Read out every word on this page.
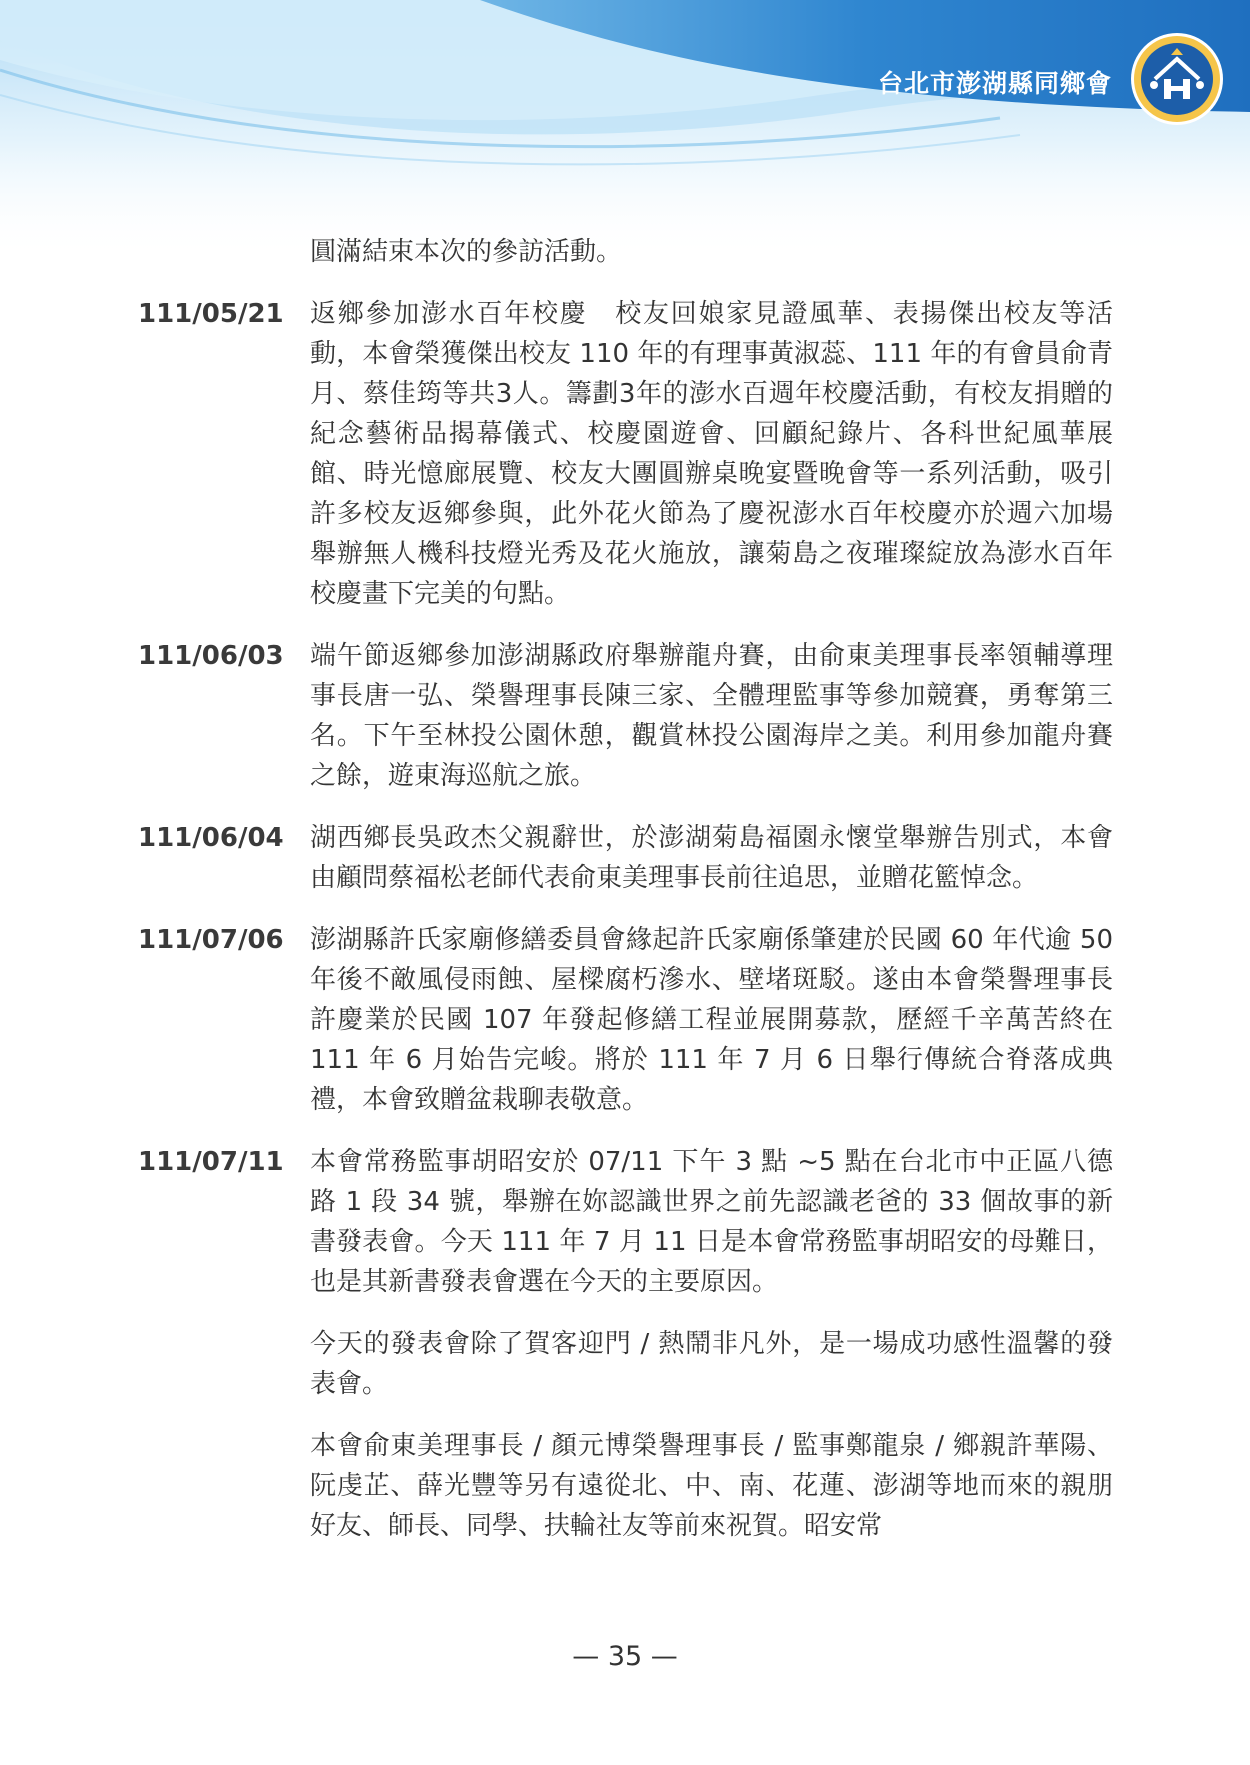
台北市澎湖縣同鄉會

圓滿結束本次的參訪活動。

111/05/21	返鄉參加澎水百年校慶　校友回娘家見證風華、表揚傑出校友等活動，本會榮獲傑出校友 110 年的有理事黃淑蕊、111 年的有會員俞青月、蔡佳筠等共3人。籌劃3年的澎水百週年校慶活動，有校友捐贈的紀念藝術品揭幕儀式、校慶園遊會、回顧紀錄片、各科世紀風華展館、時光憶廊展覽、校友大團圓辦桌晚宴暨晚會等一系列活動，吸引許多校友返鄉參與，此外花火節為了慶祝澎水百年校慶亦於週六加場舉辦無人機科技燈光秀及花火施放，讓菊島之夜璀璨綻放為澎水百年校慶畫下完美的句點。

111/06/03	端午節返鄉參加澎湖縣政府舉辦龍舟賽，由俞東美理事長率領輔導理事長唐一弘、榮譽理事長陳三家、全體理監事等參加競賽，勇奪第三名。下午至林投公園休憩，觀賞林投公園海岸之美。利用參加龍舟賽之餘，遊東海巡航之旅。

111/06/04	湖西鄉長吳政杰父親辭世，於澎湖菊島福園永懷堂舉辦告別式，本會由顧問蔡福松老師代表俞東美理事長前往追思，並贈花籃悼念。

111/07/06	澎湖縣許氏家廟修繕委員會緣起許氏家廟係肇建於民國 60 年代逾 50 年後不敵風侵雨蝕、屋樑腐朽滲水、壁堵斑駁。遂由本會榮譽理事長許慶業於民國 107 年發起修繕工程並展開募款，歷經千辛萬苦終在 111 年 6 月始告完峻。將於 111 年 7 月 6 日舉行傳統合脊落成典禮，本會致贈盆栽聊表敬意。

111/07/11	本會常務監事胡昭安於 07/11 下午 3 點 ~5 點在台北市中正區八德路 1 段 34 號，舉辦在妳認識世界之前先認識老爸的 33 個故事的新書發表會。今天 111 年 7 月 11 日是本會常務監事胡昭安的母難日，也是其新書發表會選在今天的主要原因。

今天的發表會除了賀客迎門 / 熱鬧非凡外，是一場成功感性溫馨的發表會。

本會俞東美理事長 / 顏元博榮譽理事長 / 監事鄭龍泉 / 鄉親許華陽、阮虔芷、薛光豐等另有遠從北、中、南、花蓮、澎湖等地而來的親朋好友、師長、同學、扶輪社友等前來祝賀。昭安常

— 35 —
